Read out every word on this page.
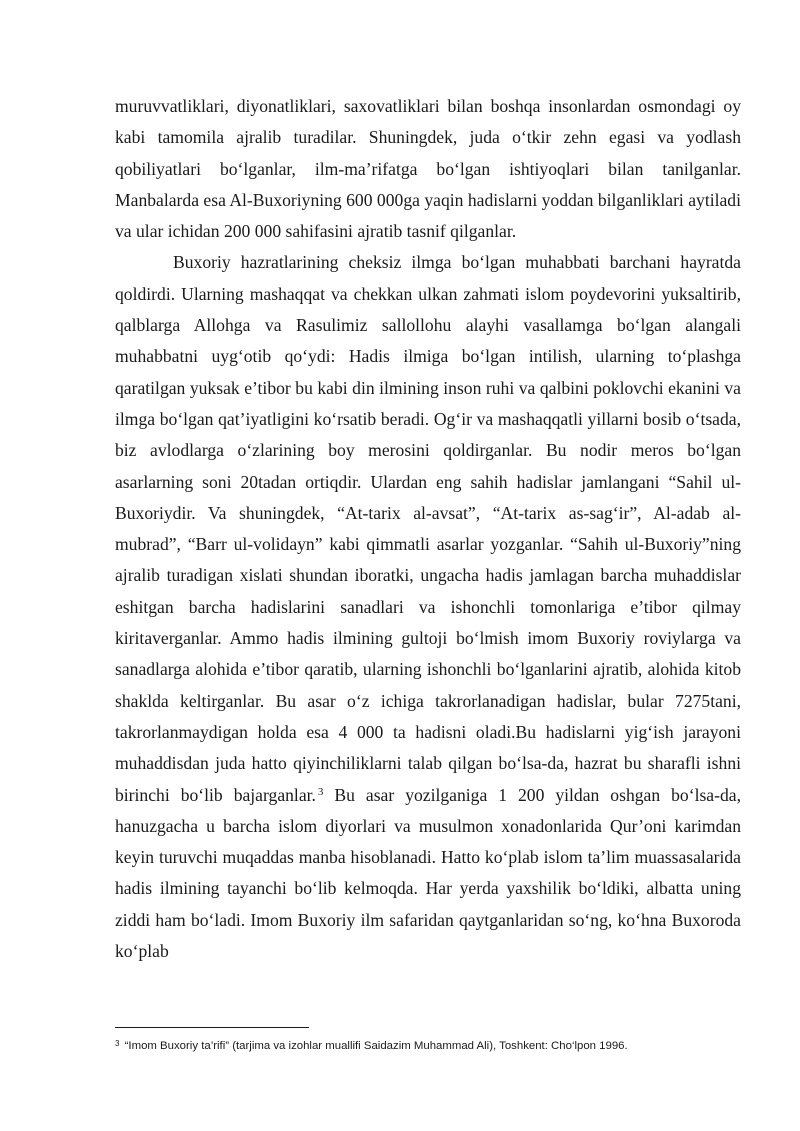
muruvvatliklari, diyonatliklari, saxovatliklari bilan boshqa insonlardan osmondagi oy kabi tamomila ajralib turadilar. Shuningdek, juda o‘tkir zehn egasi va yodlash qobiliyatlari bo‘lganlar, ilm-ma’rifatga bo‘lgan ishtiyoqlari bilan tanilganlar. Manbalarda esa Al-Buxoriyning 600 000ga yaqin hadislarni yoddan bilganliklari aytiladi va ular ichidan 200 000 sahifasini ajratib tasnif qilganlar.

Buxoriy hazratlarining cheksiz ilmga bo‘lgan muhabbati barchani hayratda qoldirdi. Ularning mashaqqat va chekkan ulkan zahmati islom poydevorini yuksaltirib, qalblarga Allohga va Rasulimiz sallollohu alayhi vasallamga bo‘lgan alangali muhabbatni uyg‘otib qo‘ydi: Hadis ilmiga bo‘lgan intilish, ularning to‘plashga qaratilgan yuksak e’tibor bu kabi din ilmining inson ruhi va qalbini poklovchi ekanini va ilmga bo‘lgan qat’iyatligini ko‘rsatib beradi. Og‘ir va mashaqqatli yillarni bosib o‘tsada, biz avlodlarga o‘zlarining boy merosini qoldirganlar. Bu nodir meros bo‘lgan asarlarning soni 20tadan ortiqdir. Ulardan eng sahih hadislar jamlangani “Sahil ul-Buxoriydir. Va shuningdek, “At-tarix al-avsat”, “At-tarix as-sag‘ir”, Al-adab al-mubrad”, “Barr ul-volidayn” kabi qimmatli asarlar yozganlar. “Sahih ul-Buxoriy”ning ajralib turadigan xislati shundan iboratki, ungacha hadis jamlagan barcha muhaddislar eshitgan barcha hadislarini sanadlari va ishonchli tomonlariga e’tibor qilmay kiritaverganlar. Ammo hadis ilmining gultoji bo‘lmish imom Buxoriy roviylarga va sanadlarga alohida e’tibor qaratib, ularning ishonchli bo‘lganlarini ajratib, alohida kitob shaklda keltirganlar. Bu asar o‘z ichiga takrorlanadigan hadislar, bular 7275tani, takrorlanmaydigan holda esa 4 000 ta hadisni oladi.Bu hadislarni yig‘ish jarayoni muhaddisdan juda hatto qiyinchiliklarni talab qilgan bo‘lsa-da, hazrat bu sharafli ishni birinchi bo‘lib bajarganlar. $^3$ Bu asar yozilganiga 1 200 yildan oshgan bo‘lsa-da, hanuzgacha u barcha islom diyorlari va musulmon xonadonlarida Qur’oni karimdan keyin turuvchi muqaddas manba hisoblanadi. Hatto ko‘plab islom ta’lim muassasalarida hadis ilmining tayanchi bo‘lib kelmoqda. Har yerda yaxshilik bo‘ldiki, albatta uning ziddi ham bo‘ladi. Imom Buxoriy ilm safaridan qaytganlaridan so‘ng, ko‘hna Buxoroda ko‘plab

$^3$ “Imom Buxoriy ta’rifi” (tarjima va izohlar muallifi Saidazim Muhammad Ali), Toshkent: Cho‘lpon 1996.
